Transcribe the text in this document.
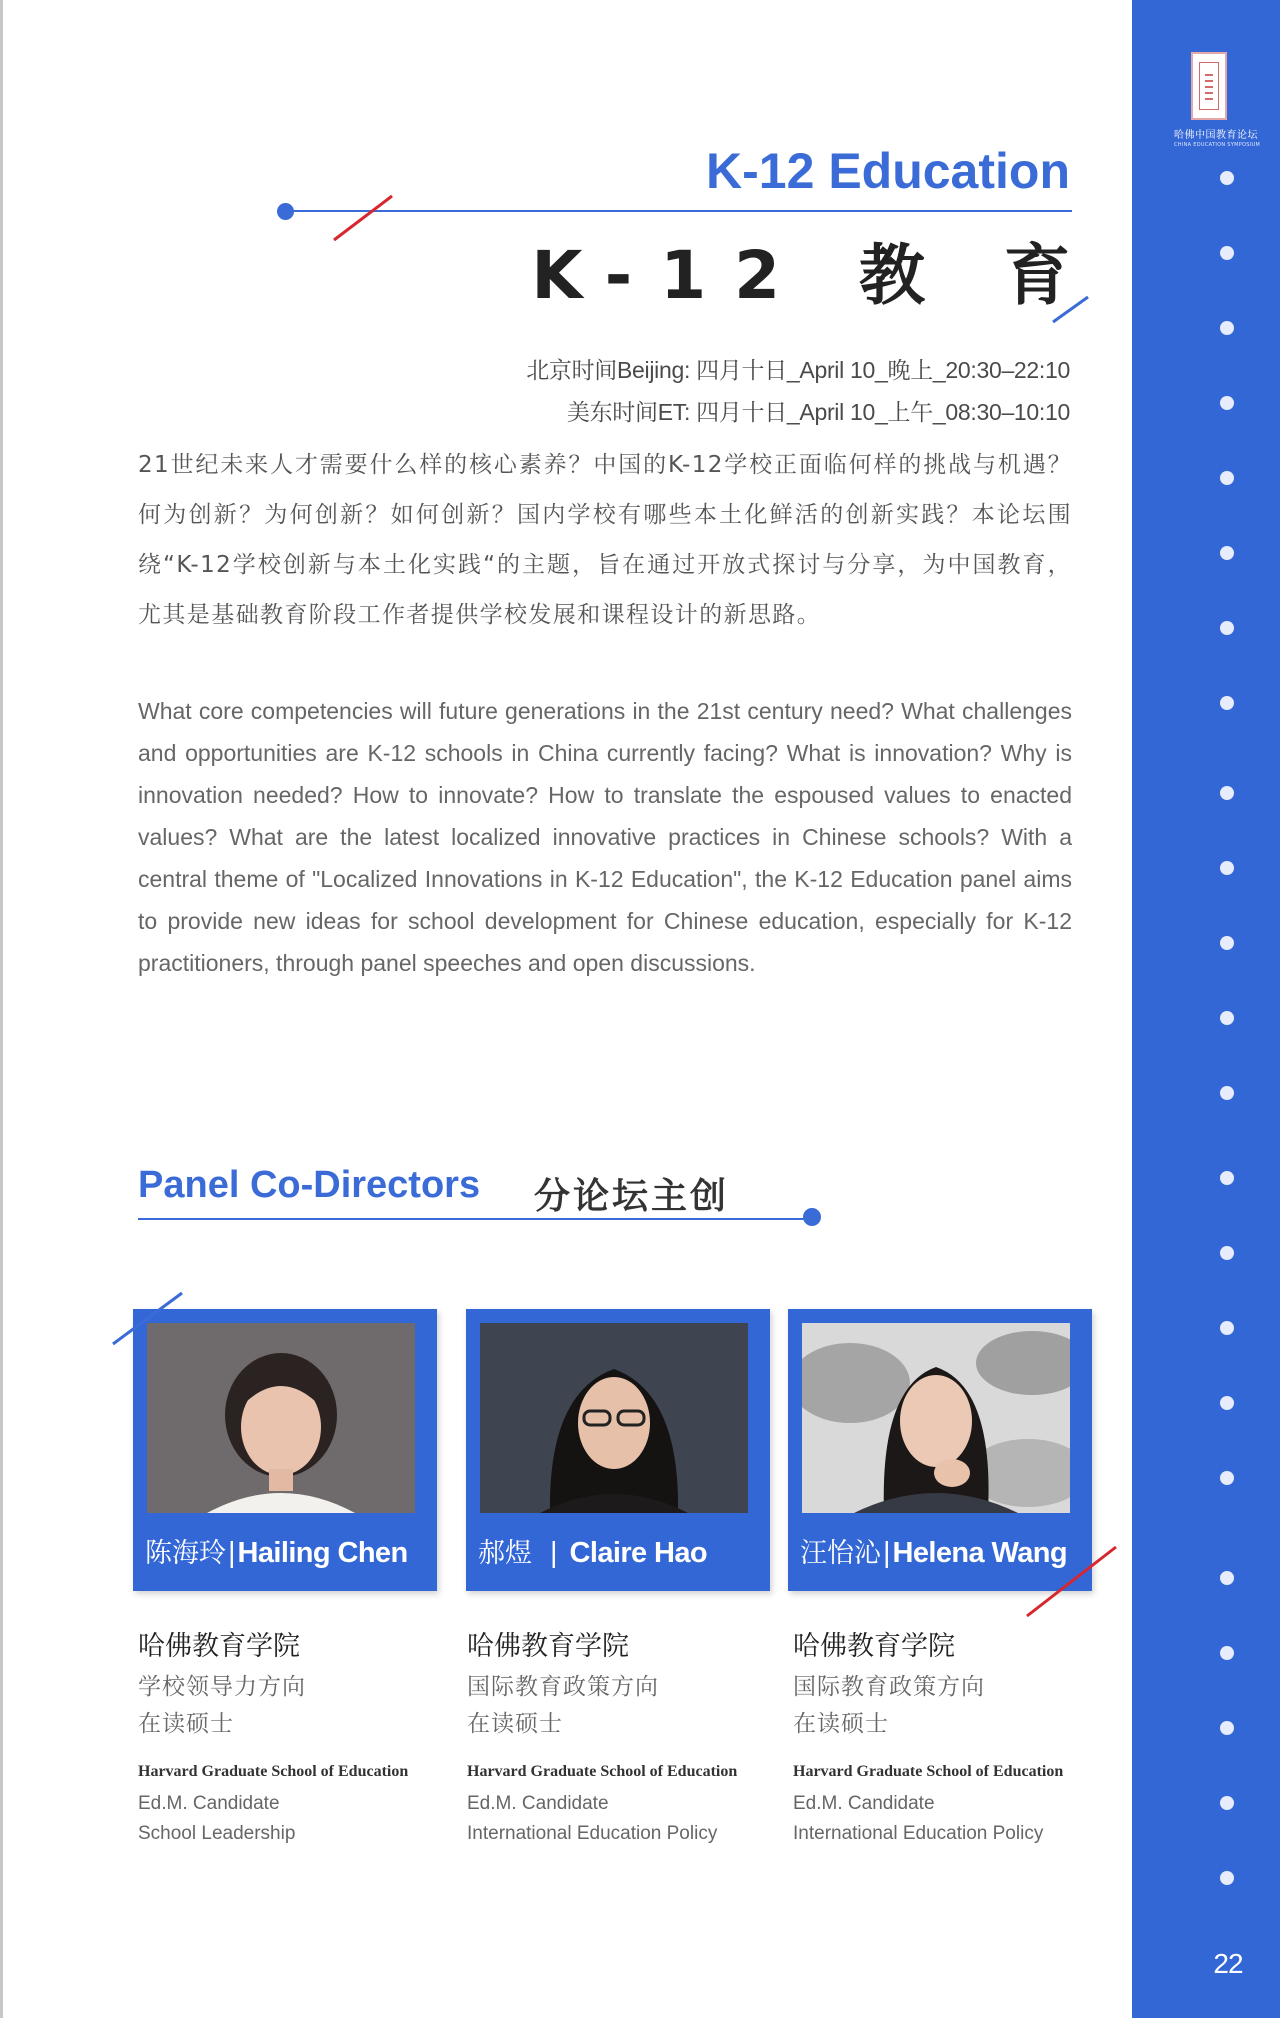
哈佛中国教育论坛
CHINA EDUCATION SYMPOSIUM
22
K-12 Education
K-12 教 育

北京时间Beijing: 四月十日_April 10_晚上_20:30–22:10

美东时间ET: 四月十日_April 10_上午_08:30–10:10

21世纪未来人才需要什么样的核心素养？中国的K-12学校正面临何样的挑战与机遇？何为创新？为何创新？如何创新？国内学校有哪些本土化鲜活的创新实践？本论坛围绕“K-12学校创新与本土化实践“的主题，旨在通过开放式探讨与分享，为中国教育，尤其是基础教育阶段工作者提供学校发展和课程设计的新思路。

What core competencies will future generations in the 21st century need? What challenges and opportunities are K-12 schools in China currently facing? What is innovation? Why is innovation needed? How to innovate? How to translate the espoused values to enacted values? What are the latest localized innovative practices in Chinese schools? With a central theme of "Localized Innovations in K-12 Education", the K-12 Education panel aims to provide new ideas for school development for Chinese education, especially for K-12 practitioners, through panel speeches and open discussions.

Panel Co-Directors 分论坛主创
陈海玲|Hailing Chen	郝煜 | Claire Hao	汪怡沁|Helena Wang

哈佛教育学院

学校领导力方向

在读硕士

Harvard Graduate School of Education

Ed.M. Candidate

School Leadership

哈佛教育学院

国际教育政策方向

在读硕士

Harvard Graduate School of Education

Ed.M. Candidate

International Education Policy

哈佛教育学院

国际教育政策方向

在读硕士

Harvard Graduate School of Education

Ed.M. Candidate

International Education Policy
